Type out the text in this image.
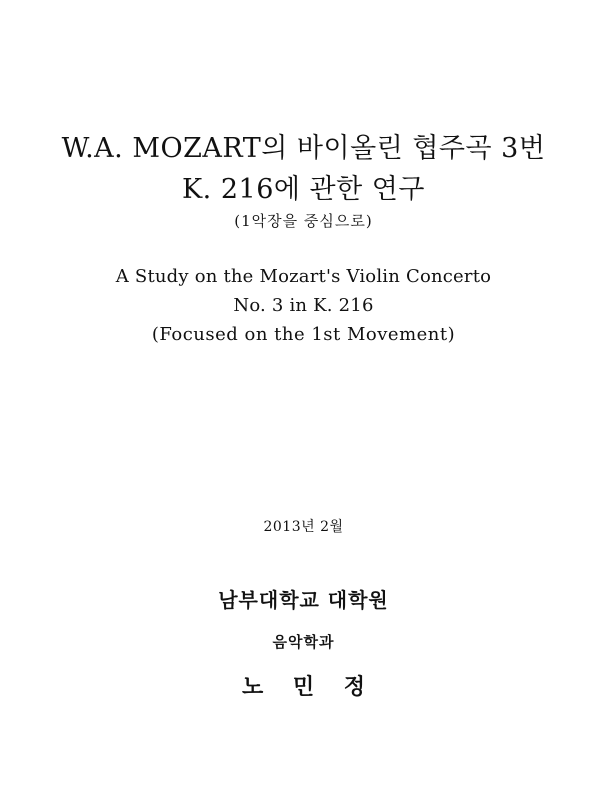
W.A. MOZART의 바이올린 협주곡 3번
K. 216에 관한 연구
(1악장을 중심으로)
A Study on the Mozart's Violin Concerto
No. 3 in K. 216
(Focused on the 1st Movement)
2013년 2월
남부대학교 대학원
음악학과
노 민 정
